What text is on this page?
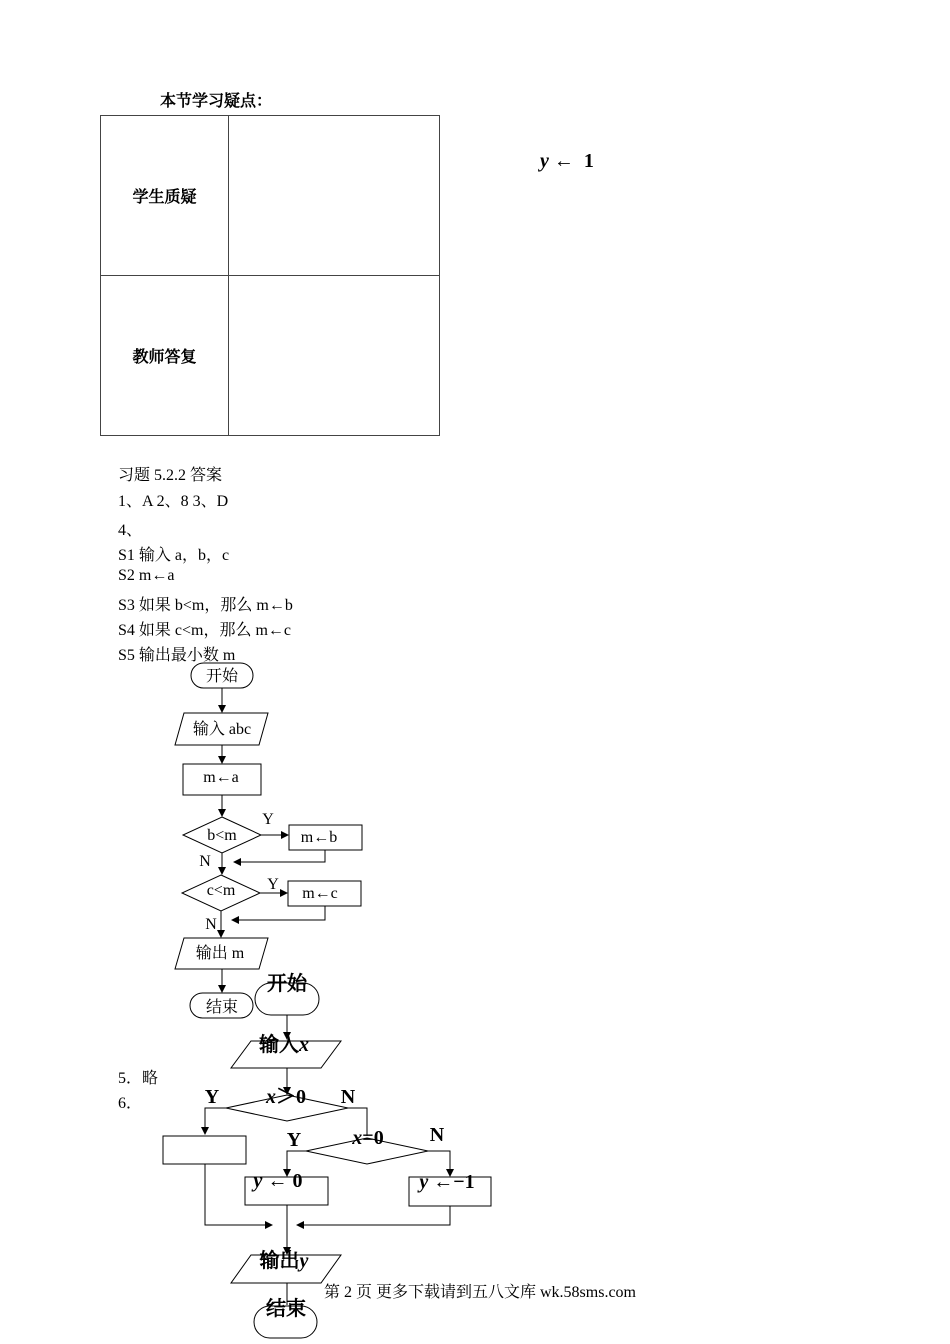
本节学习疑点：
学生质疑	
教师答复	
y ← 1
习题 5.2.2 答案
1、A 2、8 3、D
4、
S1 输入 a，b，c
S2 m←a
S3 如果 b<m，那么 m←b
S4 如果 c<m，那么 m←c
S5 输出最小数 m
5．略
6．
开始
输入 abc
m←a
b<m	m←b
Y
N
c<m	m←c
Y
N
输出 m
结束
开始
输入x
x＞0
Y	N
x=0
Y	N
y ← 0	y ←−1
输出y
结束
第 2 页 更多下载请到五八文库 wk.58sms.com
